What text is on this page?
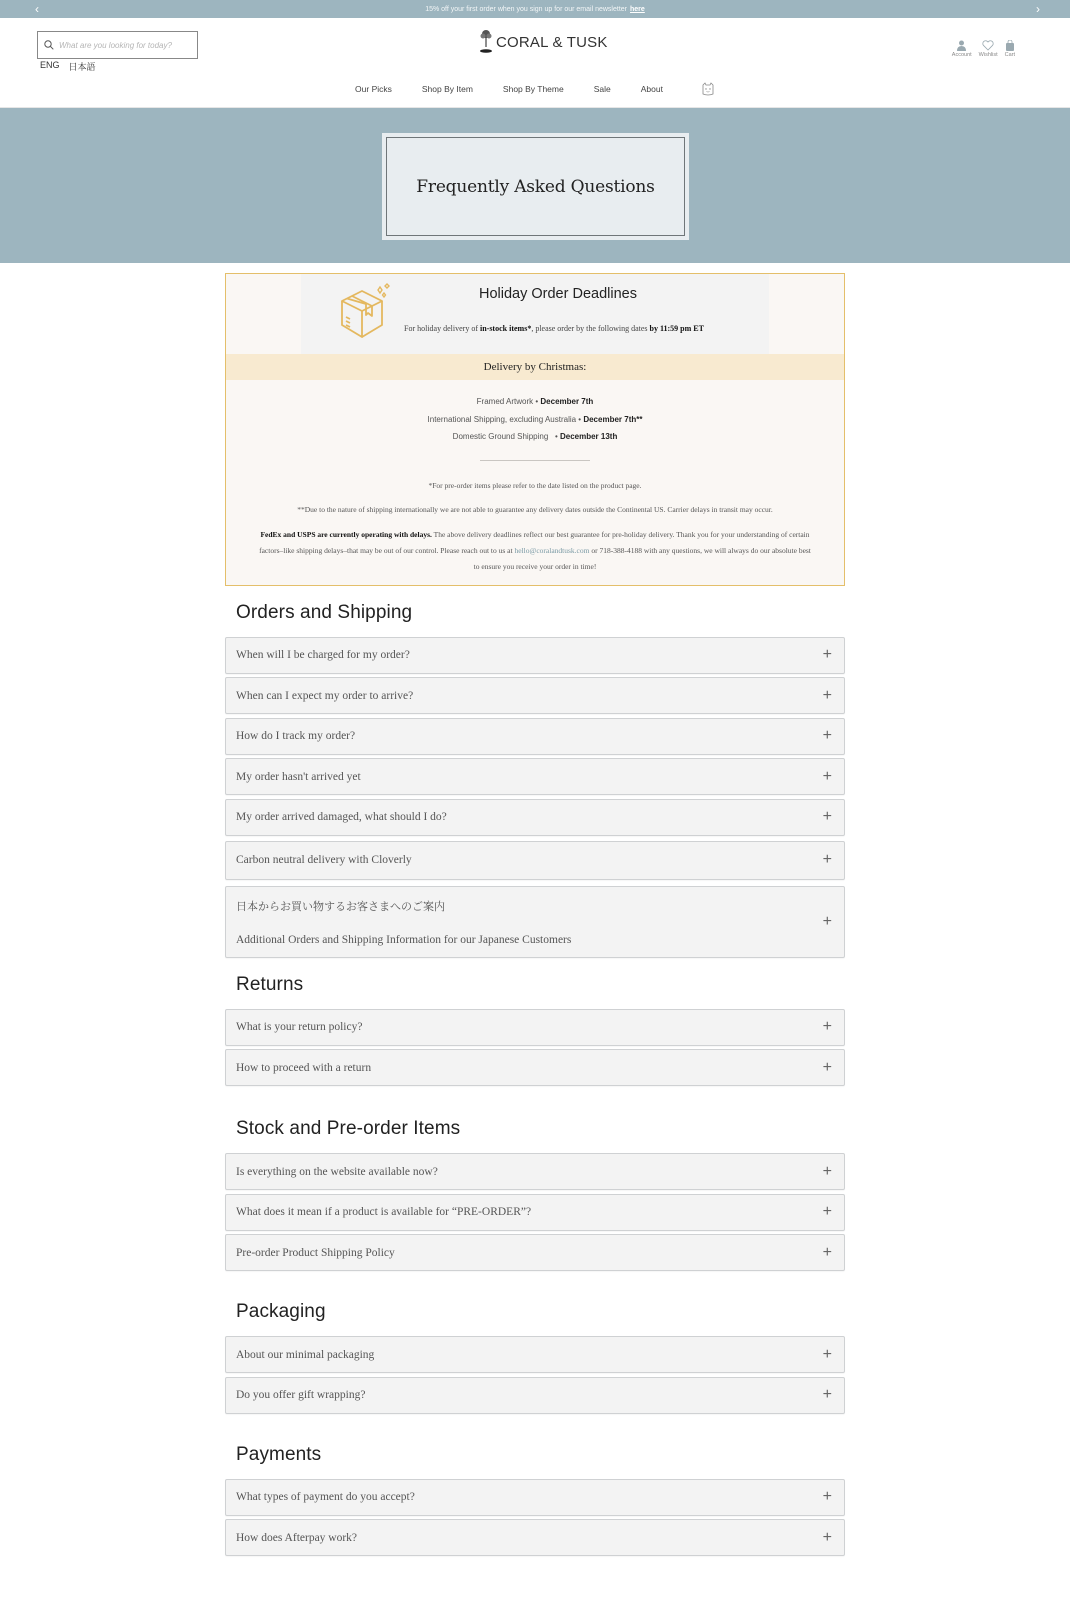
‹	15% off your first order when you sign up for our email newsletter here	›
What are you looking for today?
ENG 日本語
CORAL & TUSK
Account Wishlist Cart
Our Picks	Shop By Item	Shop By Theme	Sale	About
Frequently Asked Questions
Holiday Order Deadlines

For holiday delivery of in-stock items*, please order by the following dates by 11:59 pm ET

Delivery by Christmas:
Framed Artwork • December 7th
International Shipping, excluding Australia • December 7th**
Domestic Ground Shipping   • December 13th

*For pre-order items please refer to the date listed on the product page.

**Due to the nature of shipping internationally we are not able to guarantee any delivery dates outside the Continental US. Carrier delays in transit may occur.

FedEx and USPS are currently operating with delays. The above delivery deadlines reflect our best guarantee for pre-holiday delivery. Thank you for your understanding of certain factors–like shipping delays–that may be out of our control. Please reach out to us at hello@coralandtusk.com or 718-388-4188 with any questions, we will always do our absolute best to ensure you receive your order in time!

Orders and Shipping
When will I be charged for my order?	+
When can I expect my order to arrive?	+
How do I track my order?	+
My order hasn't arrived yet	+
My order arrived damaged, what should I do?	+
Carbon neutral delivery with Cloverly	+
日本からお買い物するお客さまへのご案内
Additional Orders and Shipping Information for our Japanese Customers
+
Returns
What is your return policy?	+
How to proceed with a return	+
Stock and Pre-order Items
Is everything on the website available now?	+
What does it mean if a product is available for “PRE-ORDER”?	+
Pre-order Product Shipping Policy	+
Packaging
About our minimal packaging	+
Do you offer gift wrapping?	+
Payments
What types of payment do you accept?	+
How does Afterpay work?	+
